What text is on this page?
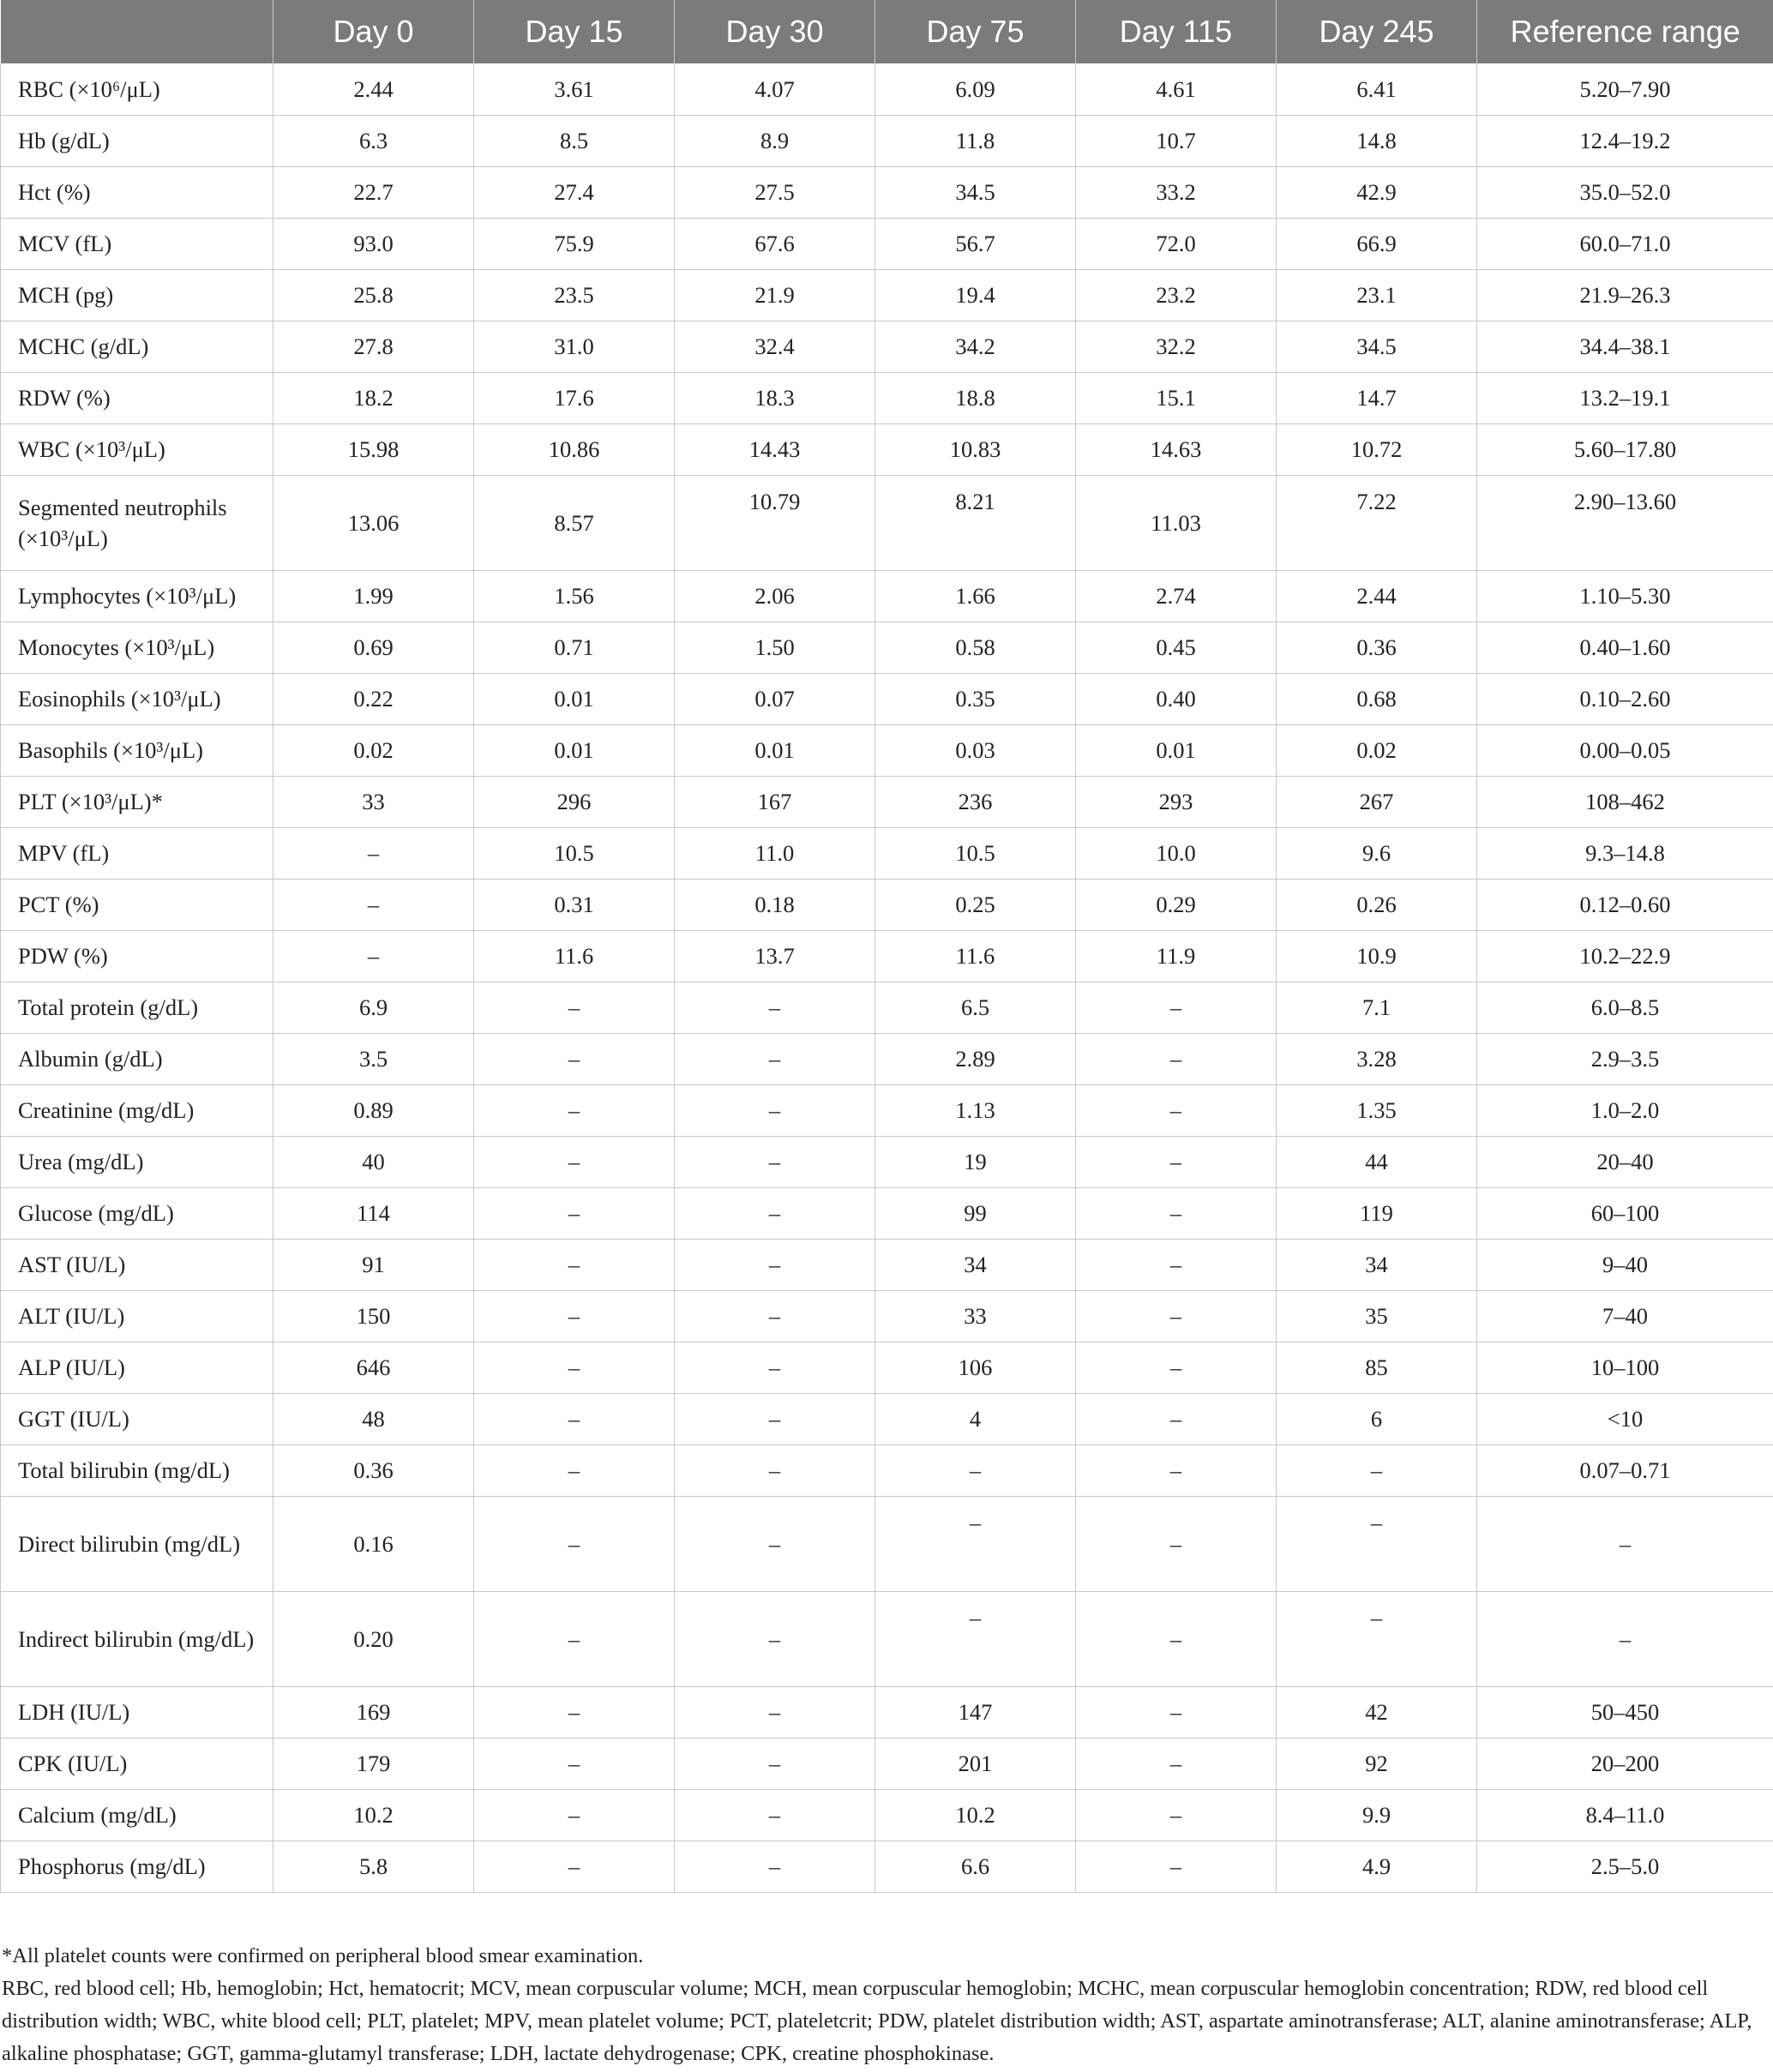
	Day 0	Day 15	Day 30	Day 75	Day 115	Day 245	Reference range
RBC (×10⁶/μL)	2.44	3.61	4.07	6.09	4.61	6.41	5.20–7.90
Hb (g/dL)	6.3	8.5	8.9	11.8	10.7	14.8	12.4–19.2
Hct (%)	22.7	27.4	27.5	34.5	33.2	42.9	35.0–52.0
MCV (fL)	93.0	75.9	67.6	56.7	72.0	66.9	60.0–71.0
MCH (pg)	25.8	23.5	21.9	19.4	23.2	23.1	21.9–26.3
MCHC (g/dL)	27.8	31.0	32.4	34.2	32.2	34.5	34.4–38.1
RDW (%)	18.2	17.6	18.3	18.8	15.1	14.7	13.2–19.1
WBC (×10³/μL)	15.98	10.86	14.43	10.83	14.63	10.72	5.60–17.80
Segmented neutrophils (×10³/μL)	13.06	8.57	10.79	8.21	11.03	7.22	2.90–13.60
Lymphocytes (×10³/μL)	1.99	1.56	2.06	1.66	2.74	2.44	1.10–5.30
Monocytes (×10³/μL)	0.69	0.71	1.50	0.58	0.45	0.36	0.40–1.60
Eosinophils (×10³/μL)	0.22	0.01	0.07	0.35	0.40	0.68	0.10–2.60
Basophils (×10³/μL)	0.02	0.01	0.01	0.03	0.01	0.02	0.00–0.05
PLT (×10³/μL)*	33	296	167	236	293	267	108–462
MPV (fL)	–	10.5	11.0	10.5	10.0	9.6	9.3–14.8
PCT (%)	–	0.31	0.18	0.25	0.29	0.26	0.12–0.60
PDW (%)	–	11.6	13.7	11.6	11.9	10.9	10.2–22.9
Total protein (g/dL)	6.9	–	–	6.5	–	7.1	6.0–8.5
Albumin (g/dL)	3.5	–	–	2.89	–	3.28	2.9–3.5
Creatinine (mg/dL)	0.89	–	–	1.13	–	1.35	1.0–2.0
Urea (mg/dL)	40	–	–	19	–	44	20–40
Glucose (mg/dL)	114	–	–	99	–	119	60–100
AST (IU/L)	91	–	–	34	–	34	9–40
ALT (IU/L)	150	–	–	33	–	35	7–40
ALP (IU/L)	646	–	–	106	–	85	10–100
GGT (IU/L)	48	–	–	4	–	6	<10
Total bilirubin (mg/dL)	0.36	–	–	–	–	–	0.07–0.71
Direct bilirubin (mg/dL)	0.16	–	–	–	–	–	–
Indirect bilirubin (mg/dL)	0.20	–	–	–	–	–	–
LDH (IU/L)	169	–	–	147	–	42	50–450
CPK (IU/L)	179	–	–	201	–	92	20–200
Calcium (mg/dL)	10.2	–	–	10.2	–	9.9	8.4–11.0
Phosphorus (mg/dL)	5.8	–	–	6.6	–	4.9	2.5–5.0
*All platelet counts were confirmed on peripheral blood smear examination.
RBC, red blood cell; Hb, hemoglobin; Hct, hematocrit; MCV, mean corpuscular volume; MCH, mean corpuscular hemoglobin; MCHC, mean corpuscular hemoglobin concentration; RDW, red blood cell distribution width; WBC, white blood cell; PLT, platelet; MPV, mean platelet volume; PCT, plateletcrit; PDW, platelet distribution width; AST, aspartate aminotransferase; ALT, alanine aminotransferase; ALP, alkaline phosphatase; GGT, gamma-glutamyl transferase; LDH, lactate dehydrogenase; CPK, creatine phosphokinase.
